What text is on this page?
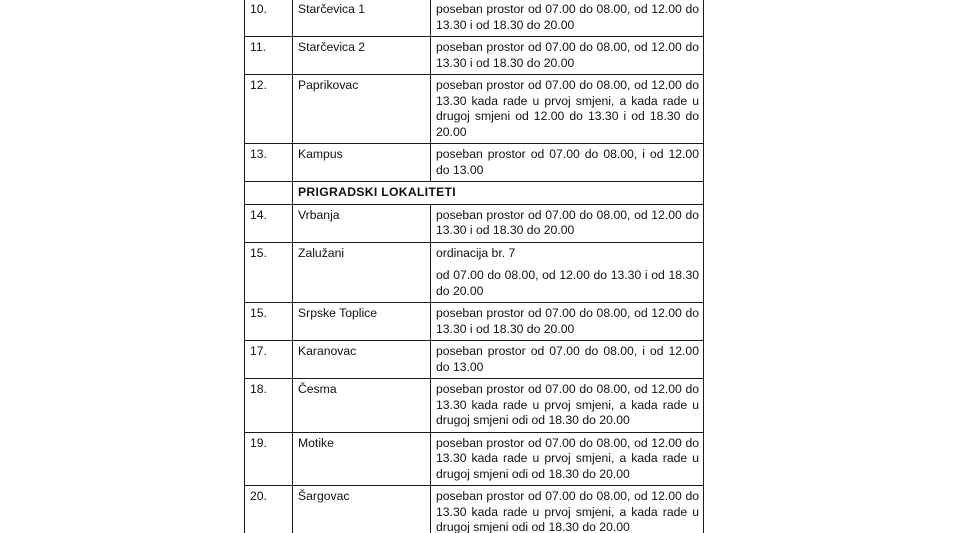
10.	Starčevica 1	poseban prostor od 07.00 do 08.00, od 12.00 do 13.30 i od 18.30 do 20.00

11.	Starčevica 2	poseban prostor od 07.00 do 08.00, od 12.00 do 13.30 i od 18.30 do 20.00

12.	Paprikovac	poseban prostor od 07.00 do 08.00, od 12.00 do 13.30 kada rade u prvoj smjeni, a kada rade u drugoj smjeni od 12.00 do 13.30 i od 18.30 do 20.00

13.	Kampus	poseban prostor od 07.00 do 08.00, i od 12.00 do 13.00

	PRIGRADSKI LOKALITETI	
14.	Vrbanja	poseban prostor od 07.00 do 08.00, od 12.00 do 13.30 i od 18.30 do 20.00

15.	Zalužani	ordinacija br. 7

od 07.00 do 08.00, od 12.00 do 13.30 i od 18.30 do 20.00

15.	Srpske Toplice	poseban prostor od 07.00 do 08.00, od 12.00 do 13.30 i od 18.30 do 20.00

17.	Karanovac	poseban prostor od 07.00 do 08.00, i od 12.00 do 13.00

18.	Česma	poseban prostor od 07.00 do 08.00, od 12.00 do 13.30 kada rade u prvoj smjeni, a kada rade u drugoj smjeni odi od 18.30 do 20.00

19.	Motike	poseban prostor od 07.00 do 08.00, od 12.00 do 13.30 kada rade u prvoj smjeni, a kada rade u drugoj smjeni odi od 18.30 do 20.00

20.	Šargovac	poseban prostor od 07.00 do 08.00, od 12.00 do 13.30 kada rade u prvoj smjeni, a kada rade u drugoj smjeni odi od 18.30 do 20.00
